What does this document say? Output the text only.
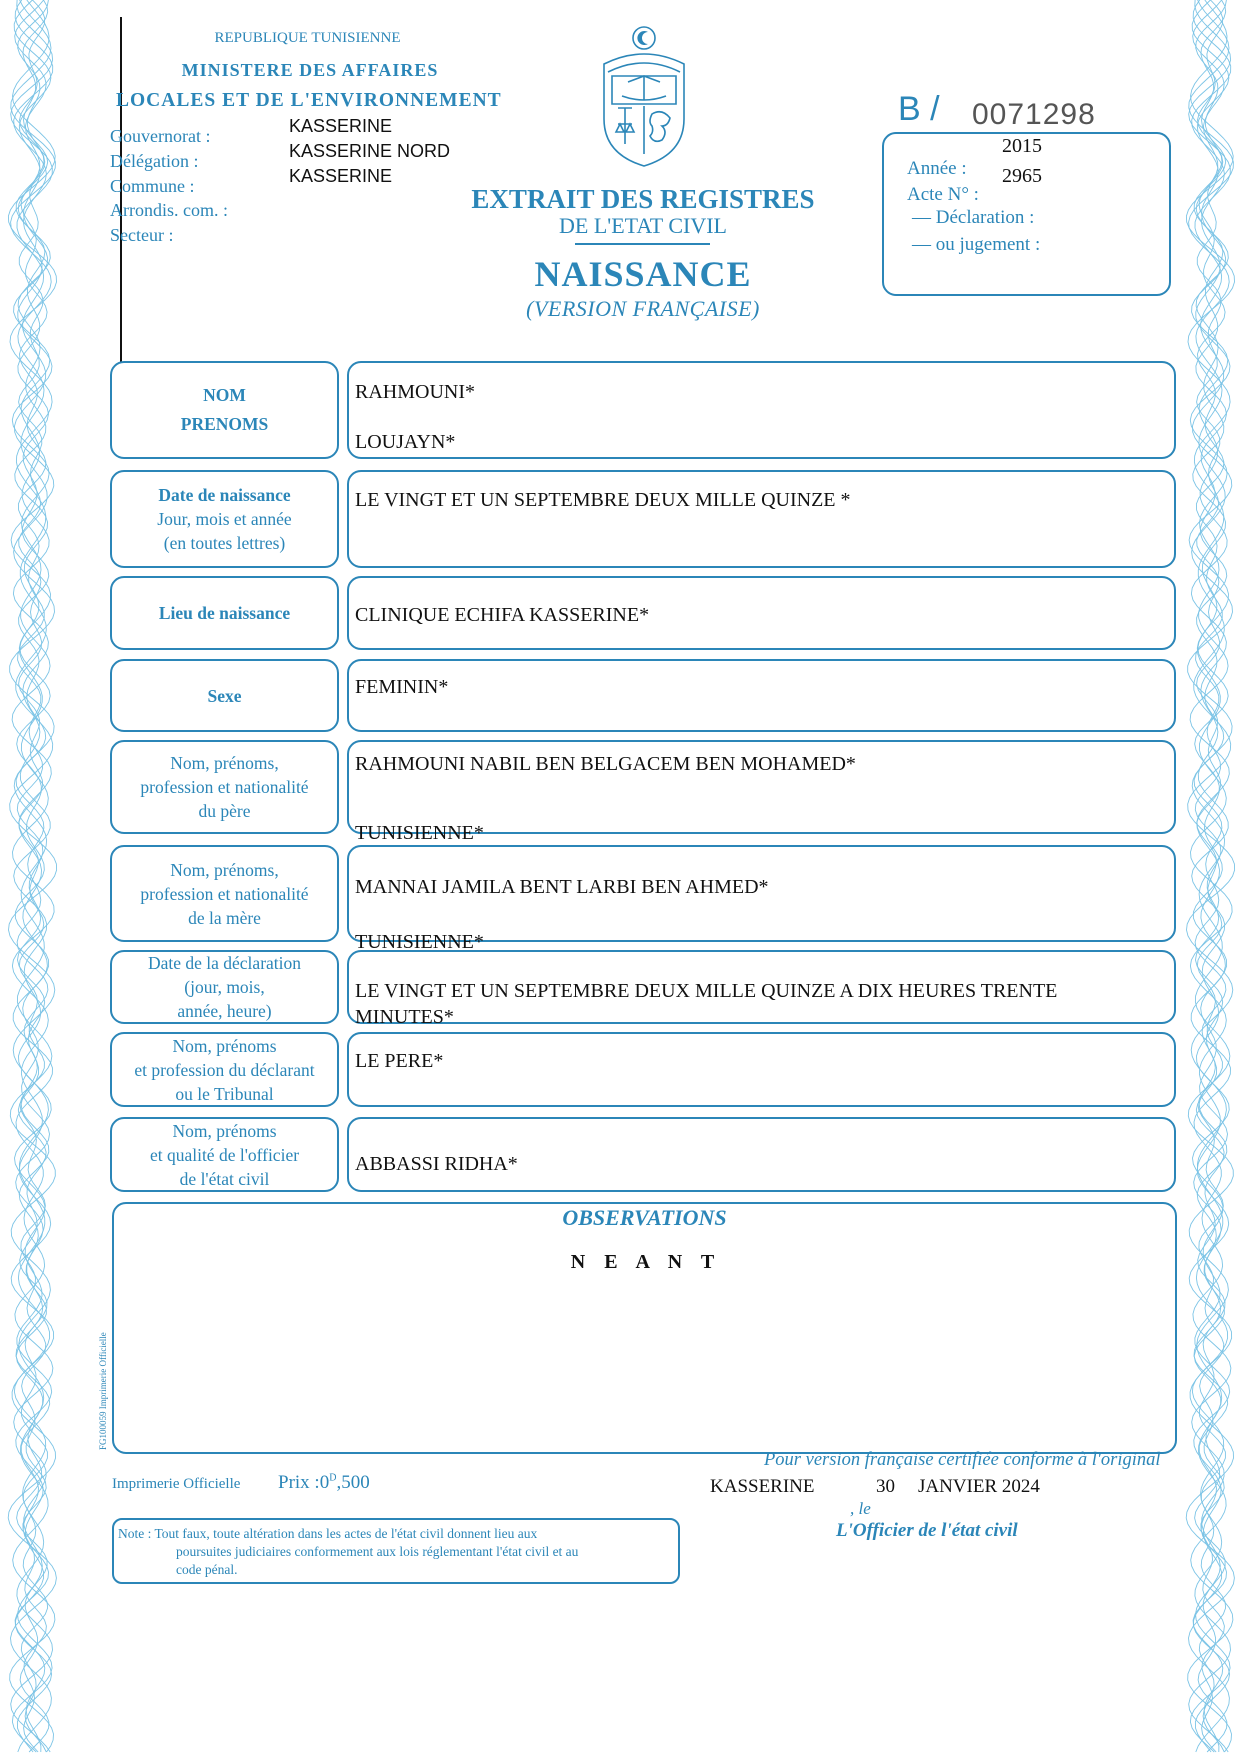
REPUBLIQUE TUNISIENNE
MINISTERE DES AFFAIRES
LOCALES ET DE L'ENVIRONNEMENT
Gouvernorat :
Délégation :
Commune :
Arrondis. com. :
Secteur :
KASSERINE
KASSERINE NORD
KASSERINE
EXTRAIT DES REGISTRES
DE L'ETAT CIVIL
NAISSANCE
(VERSION FRANÇAISE)
B / 0071298
2015
Année : 2965
Acte N° :
— Déclaration :
— ou jugement :
NOM
PRENOMS
RAHMOUNI*
LOUJAYN*
Date de naissance
Jour, mois et année
(en toutes lettres)
LE VINGT ET UN SEPTEMBRE DEUX MILLE QUINZE *
Lieu de naissance	CLINIQUE ECHIFA KASSERINE*
Sexe	FEMININ*
Nom, prénoms,
profession et nationalité
du père
RAHMOUNI NABIL BEN BELGACEM BEN MOHAMED*
TUNISIENNE*
Nom, prénoms,
profession et nationalité
de la mère
MANNAI JAMILA BENT LARBI BEN AHMED*
TUNISIENNE*
Date de la déclaration
(jour, mois,
année, heure)
LE VINGT ET UN SEPTEMBRE DEUX MILLE QUINZE A DIX HEURES TRENTE
MINUTES*
Nom, prénoms
et profession du déclarant
ou le Tribunal
LE PERE*
Nom, prénoms
et qualité de l'officier
de l'état civil
ABBASSI RIDHA*
OBSERVATIONS
N E A N T
FG100059 Imprimerie Officielle
Imprimerie Officielle Prix $:0^D,500$
Pour version française certifiée conforme à l'original
KASSERINE
, le
30 JANVIER 2024
Note : Tout faux, toute altération dans les actes de l'état civil donnent lieu aux
poursuites judiciaires conformement aux lois réglementant l'état civil et au
code pénal.
L'Officier de l'état civil
